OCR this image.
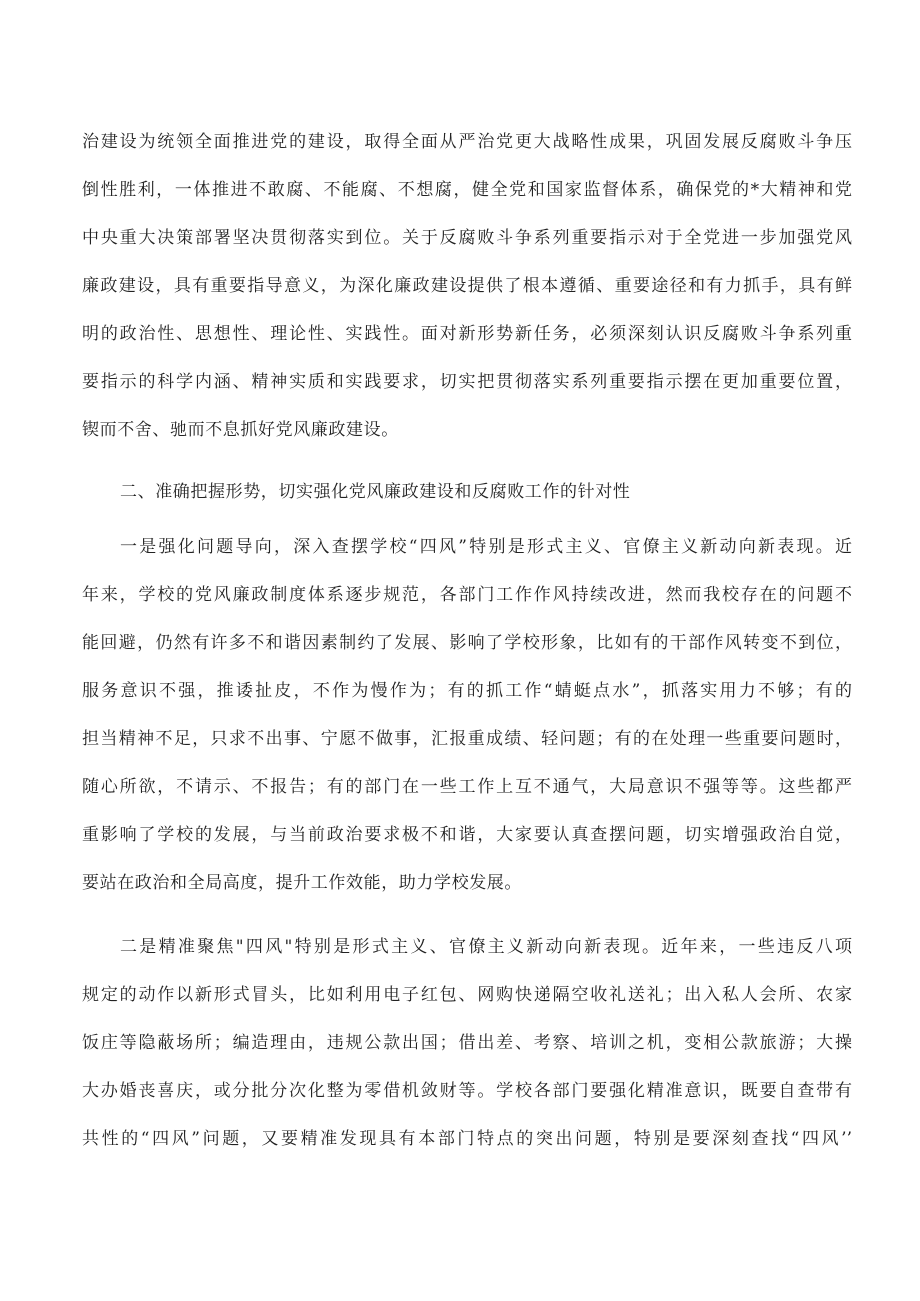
治建设为统领全面推进党的建设，取得全面从严治党更大战略性成果，巩固发展反腐败斗争压
倒性胜利，一体推进不敢腐、不能腐、不想腐，健全党和国家监督体系，确保党的*大精神和党
中央重大决策部署坚决贯彻落实到位。关于反腐败斗争系列重要指示对于全党进一步加强党风
廉政建设，具有重要指导意义，为深化廉政建设提供了根本遵循、重要途径和有力抓手，具有鲜
明的政治性、思想性、理论性、实践性。面对新形势新任务，必须深刻认识反腐败斗争系列重
要指示的科学内涵、精神实质和实践要求，切实把贯彻落实系列重要指示摆在更加重要位置，
锲而不舍、驰而不息抓好党风廉政建设。
二、准确把握形势，切实强化党风廉政建设和反腐败工作的针对性
一是强化问题导向，深入查摆学校“四风”特别是形式主义、官僚主义新动向新表现。近
年来，学校的党风廉政制度体系逐步规范，各部门工作作风持续改进，然而我校存在的问题不
能回避，仍然有许多不和谐因素制约了发展、影响了学校形象，比如有的干部作风转变不到位，
服务意识不强，推诿扯皮，不作为慢作为；有的抓工作“蜻蜓点水”，抓落实用力不够；有的
担当精神不足，只求不出事、宁愿不做事，汇报重成绩、轻问题；有的在处理一些重要问题时，
随心所欲，不请示、不报告；有的部门在一些工作上互不通气，大局意识不强等等。这些都严
重影响了学校的发展，与当前政治要求极不和谐，大家要认真查摆问题，切实增强政治自觉，
要站在政治和全局高度，提升工作效能，助力学校发展。
二是精准聚焦"四风"特别是形式主义、官僚主义新动向新表现。近年来，一些违反八项
规定的动作以新形式冒头，比如利用电子红包、网购快递隔空收礼送礼；出入私人会所、农家
饭庄等隐蔽场所；编造理由，违规公款出国；借出差、考察、培训之机，变相公款旅游；大操
大办婚丧喜庆，或分批分次化整为零借机敛财等。学校各部门要强化精准意识，既要自查带有
共性的“四风”问题，又要精准发现具有本部门特点的突出问题，特别是要深刻查找“四风’’
